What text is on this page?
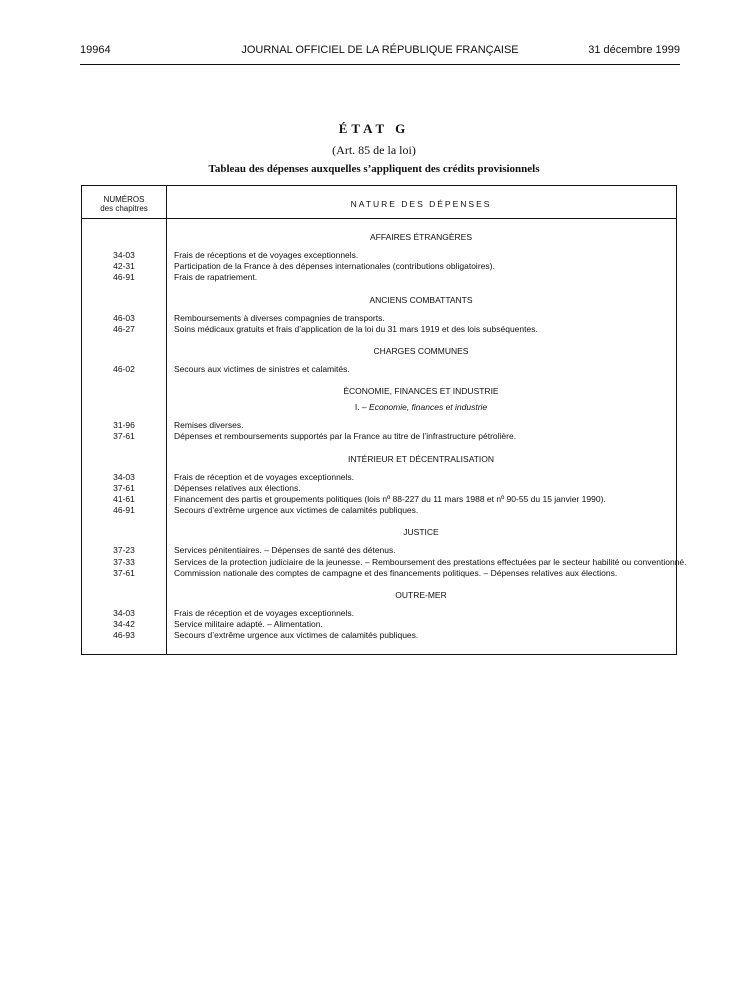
19964	JOURNAL OFFICIEL DE LA RÉPUBLIQUE FRANÇAISE	31 décembre 1999
ÉTAT G
(Art. 85 de la loi)
Tableau des dépenses auxquelles s’appliquent des crédits provisionnels
NUMÉROS
des chapitres	NATURE DES DÉPENSES
AFFAIRES ÉTRANGÈRES
34-03	Frais de réceptions et de voyages exceptionnels.
42-31	Participation de la France à des dépenses internationales (contributions obligatoires).
46-91	Frais de rapatriement.
ANCIENS COMBATTANTS
46-03	Remboursements à diverses compagnies de transports.
46-27	Soins médicaux gratuits et frais d’application de la loi du 31 mars 1919 et des lois subséquentes.
CHARGES COMMUNES
46-02	Secours aux victimes de sinistres et calamités.
ÉCONOMIE, FINANCES ET INDUSTRIE
I. – Economie, finances et industrie
31-96	Remises diverses.
37-61	Dépenses et remboursements supportés par la France au titre de l’infrastructure pétrolière.
INTÉRIEUR ET DÉCENTRALISATION
34-03	Frais de réception et de voyages exceptionnels.
37-61	Dépenses relatives aux élections.
41-61	Financement des partis et groupements politiques (lois nº 88-227 du 11 mars 1988 et nº 90-55 du 15 janvier 1990).
46-91	Secours d’extrême urgence aux victimes de calamités publiques.
JUSTICE
37-23	Services pénitentiaires. – Dépenses de santé des détenus.
37-33	Services de la protection judiciaire de la jeunesse. – Remboursement des prestations effectuées par le secteur habilité ou conventionné.
37-61	Commission nationale des comptes de campagne et des financements politiques. – Dépenses relatives aux élections.
OUTRE-MER
34-03	Frais de réception et de voyages exceptionnels.
34-42	Service militaire adapté. – Alimentation.
46-93	Secours d’extrême urgence aux victimes de calamités publiques.
